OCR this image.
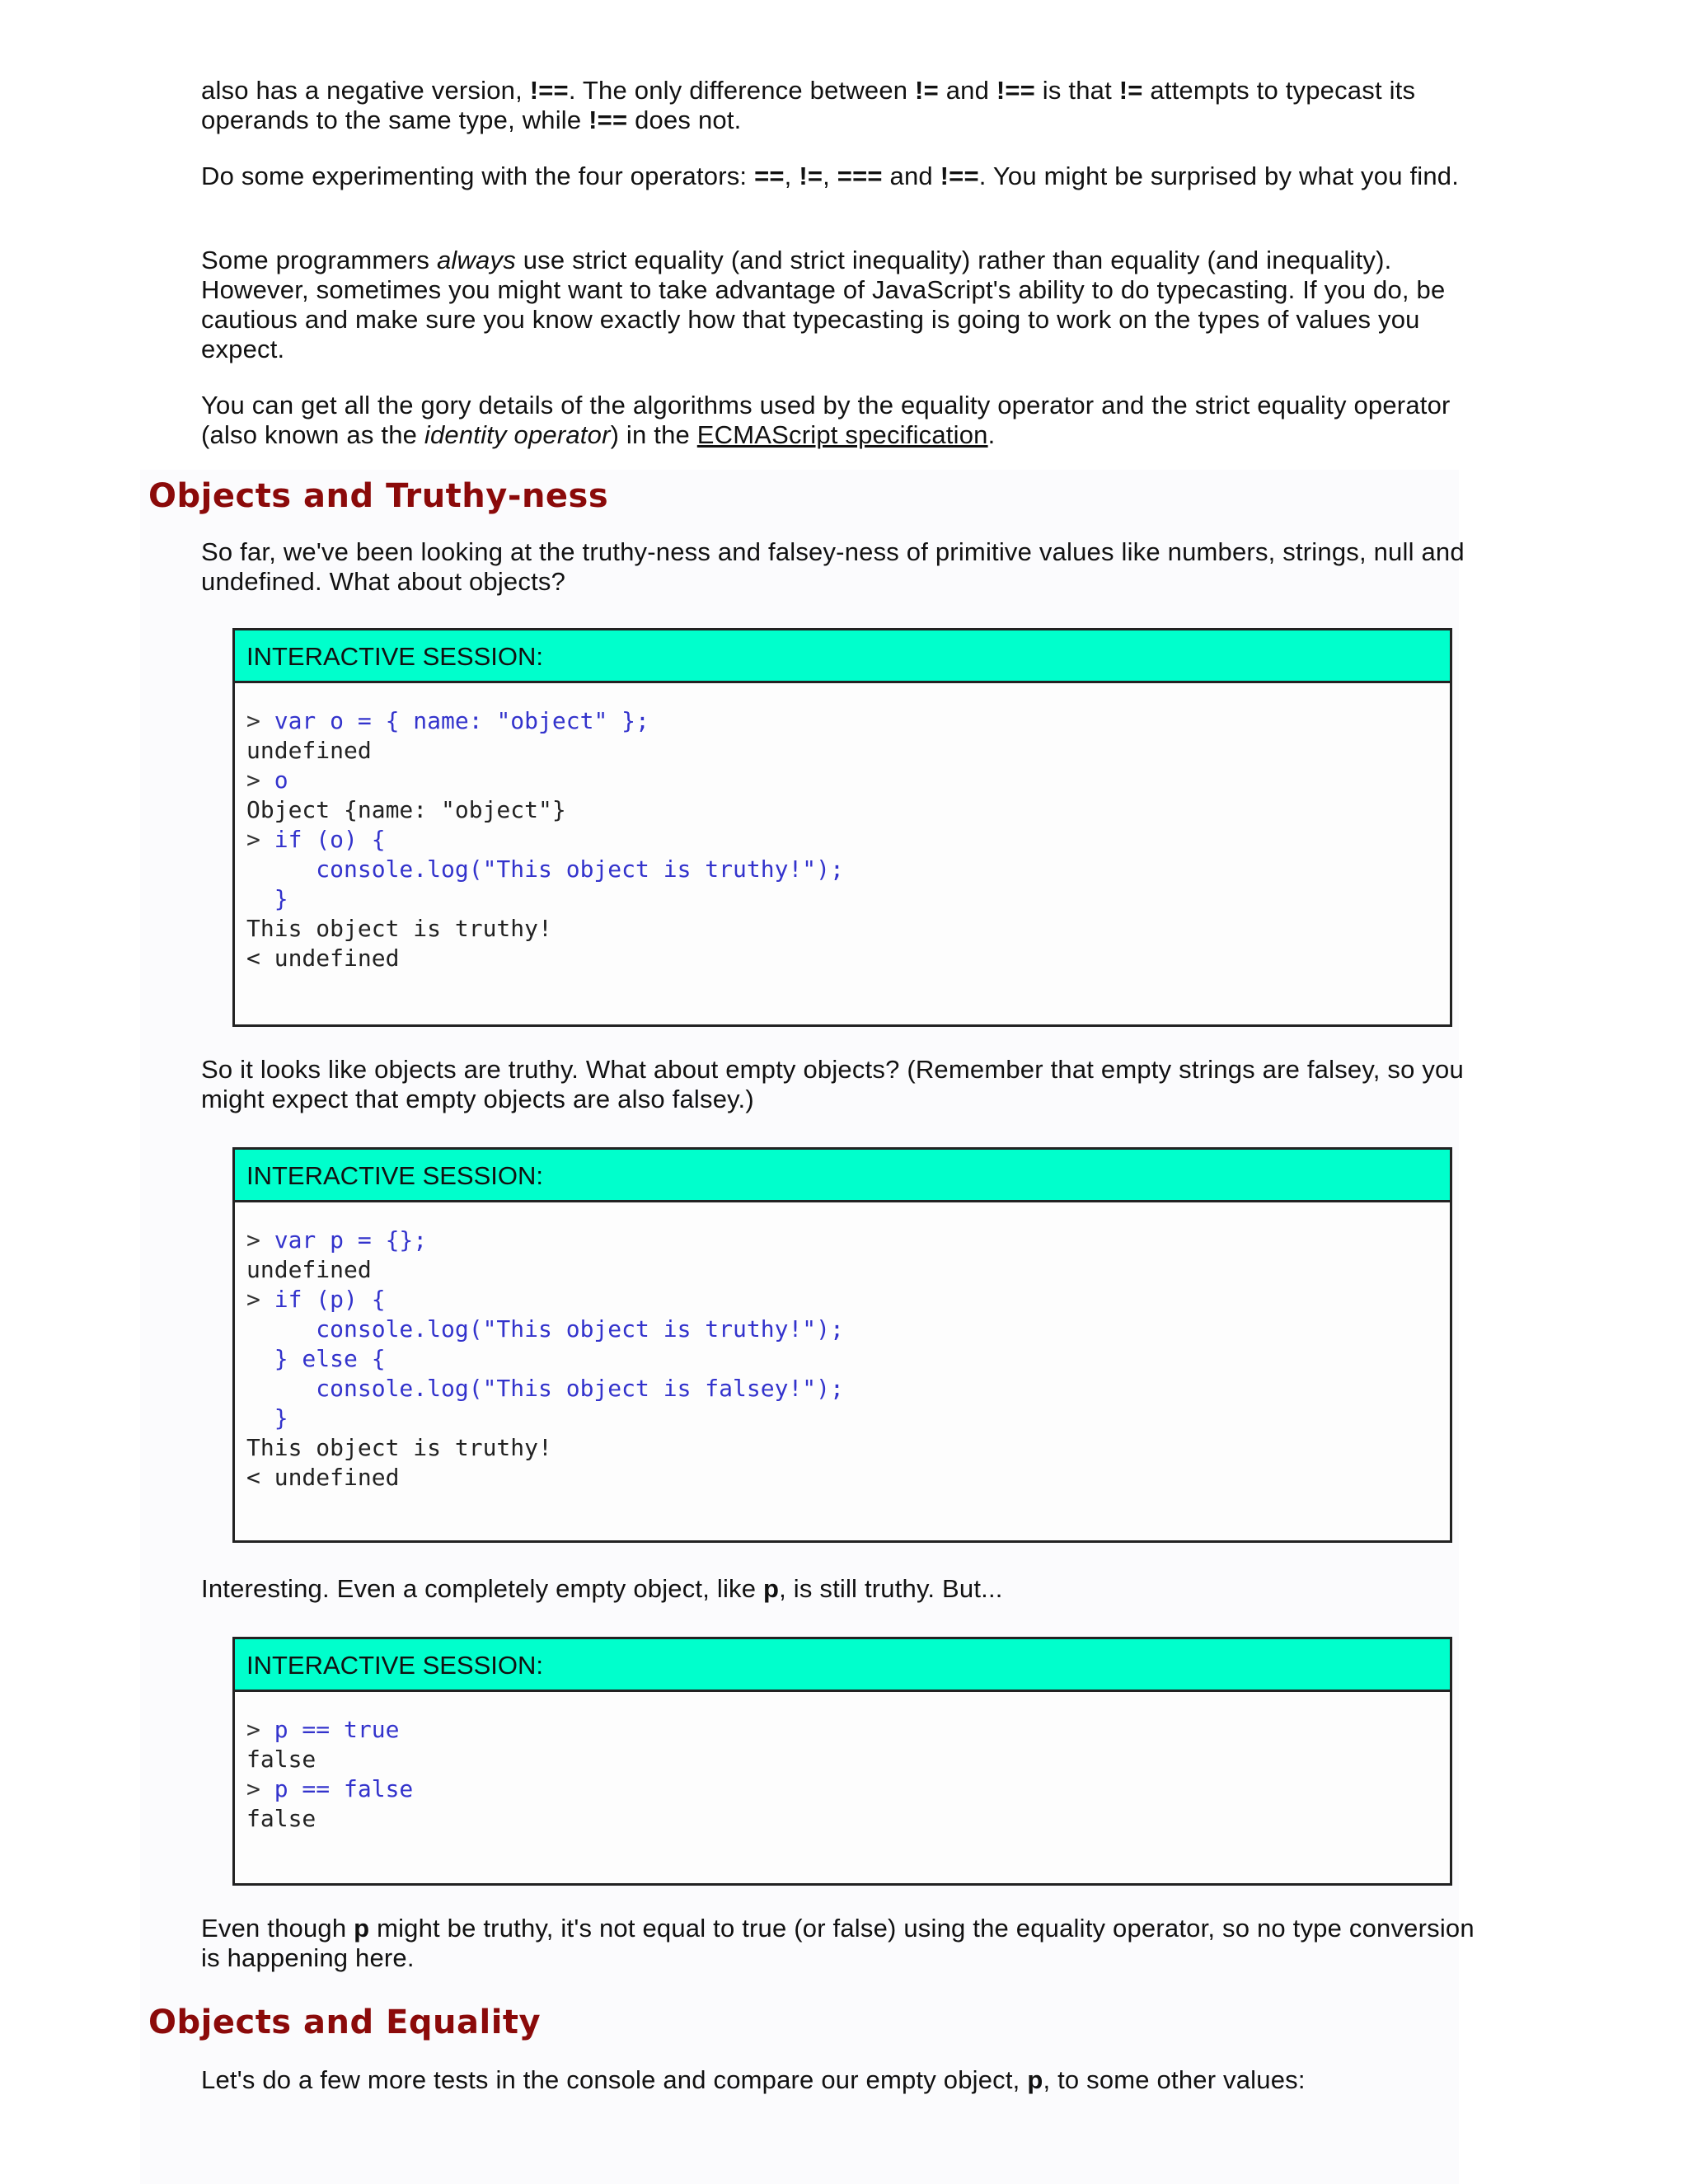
also has a negative version, !==. The only difference between != and !== is that != attempts to typecast its operands to the same type, while !== does not.

Do some experimenting with the four operators: ==, !=, === and !==. You might be surprised by what you find.

Some programmers always use strict equality (and strict inequality) rather than equality (and inequality). However, sometimes you might want to take advantage of JavaScript's ability to do typecasting. If you do, be cautious and make sure you know exactly how that typecasting is going to work on the types of values you expect.

You can get all the gory details of the algorithms used by the equality operator and the strict equality operator (also known as the identity operator) in the ECMAScript specification.

Objects and Truthy-ness

So far, we've been looking at the truthy-ness and falsey-ness of primitive values like numbers, strings, null and undefined. What about objects?

INTERACTIVE SESSION:
> var o = { name: "object" };
undefined
> o
Object {name: "object"}
> if (o) {
console.log("This object is truthy!");
}
This object is truthy!
< undefined

So it looks like objects are truthy. What about empty objects? (Remember that empty strings are falsey, so you might expect that empty objects are also falsey.)

INTERACTIVE SESSION:
> var p = {};
undefined
> if (p) {
console.log("This object is truthy!");
} else {
console.log("This object is falsey!");
}
This object is truthy!
< undefined

Interesting. Even a completely empty object, like p, is still truthy. But...

Even though p might be truthy, it's not equal to true (or false) using the equality operator, so no type conversion is happening here.

INTERACTIVE SESSION:
> p == true
false
> p == false
false
Objects and Equality

Let's do a few more tests in the console and compare our empty object, p, to some other values:
